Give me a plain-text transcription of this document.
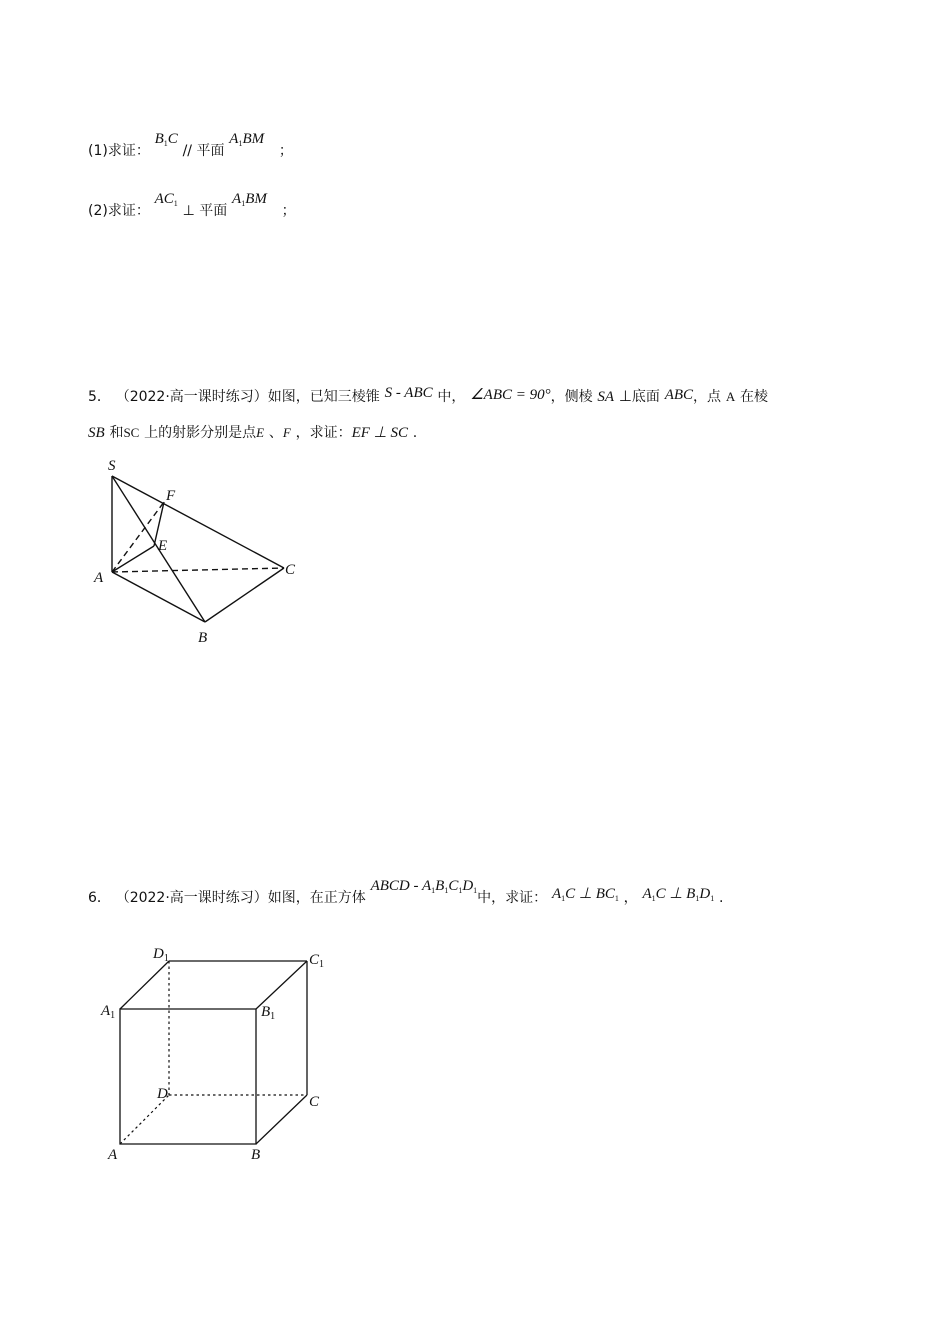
(1)求证： $B_1C$ // 平面 $A_1BM$ ；
(2)求证： $AC_1$ ⊥ 平面 $A_1BM$ ；
5． （2022·高一课时练习）如图，已知三棱锥 S - ABC 中， ∠ABC = 90°，侧棱 SA ⊥底面 ABC，点 A 在棱
SB 和SC 上的射影分别是点E 、F ，求证：EF ⊥ SC .
S
F
E
A	C
B
6． （2022·高一课时练习）如图，在正方体 ABCD - $A_1B_1C_1D_1$中，求证： $A_1C$ ⊥ $BC_1$ ， $A_1C$ ⊥ $B_1D_1$ .
$D_1$	$C_1$
$A_1$	$B_1$
D	C
A	B
